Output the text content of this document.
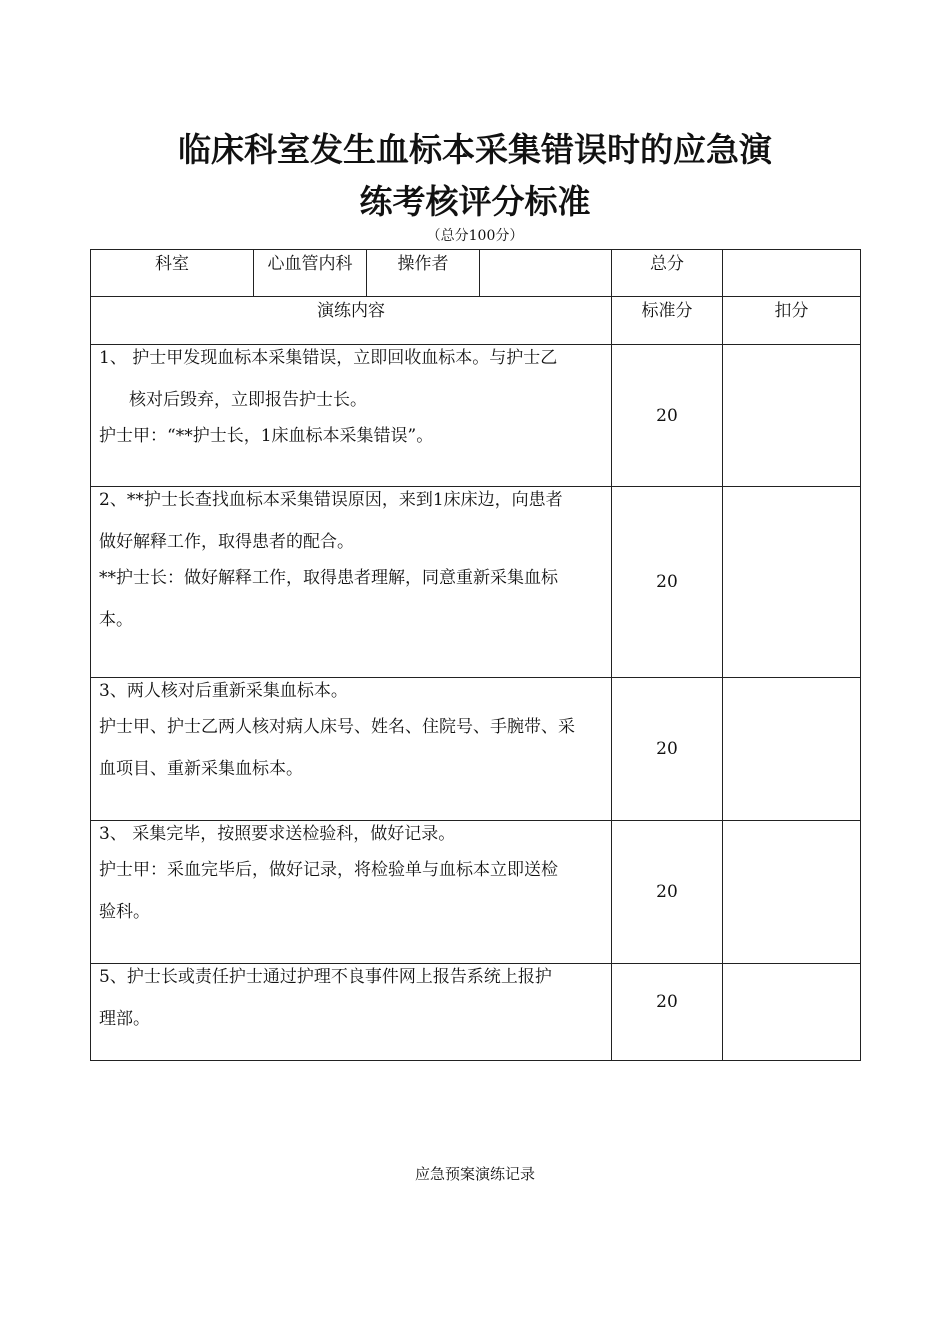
临床科室发生血标本采集错误时的应急演
练考核评分标准
（总分100分）
科室	心血管内科	操作者		总分	
演练内容				标准分	扣分

1、 护士甲发现血标本采集错误，立即回收血标本。与护士乙

核对后毁弃，立即报告护士长。

护士甲：“**护士长，1床血标本采集错误”。				20	

2、**护士长查找血标本采集错误原因，来到1床床边，向患者

做好解释工作，取得患者的配合。

**护士长：做好解释工作，取得患者理解，同意重新采集血标

本。				20	

3、两人核对后重新采集血标本。

护士甲、护士乙两人核对病人床号、姓名、住院号、手腕带、采

血项目、重新采集血标本。				20	

3、 采集完毕，按照要求送检验科，做好记录。

护士甲：采血完毕后，做好记录，将检验单与血标本立即送检

验科。				20	

5、护士长或责任护士通过护理不良事件网上报告系统上报护

理部。				20	
应急预案演练记录
